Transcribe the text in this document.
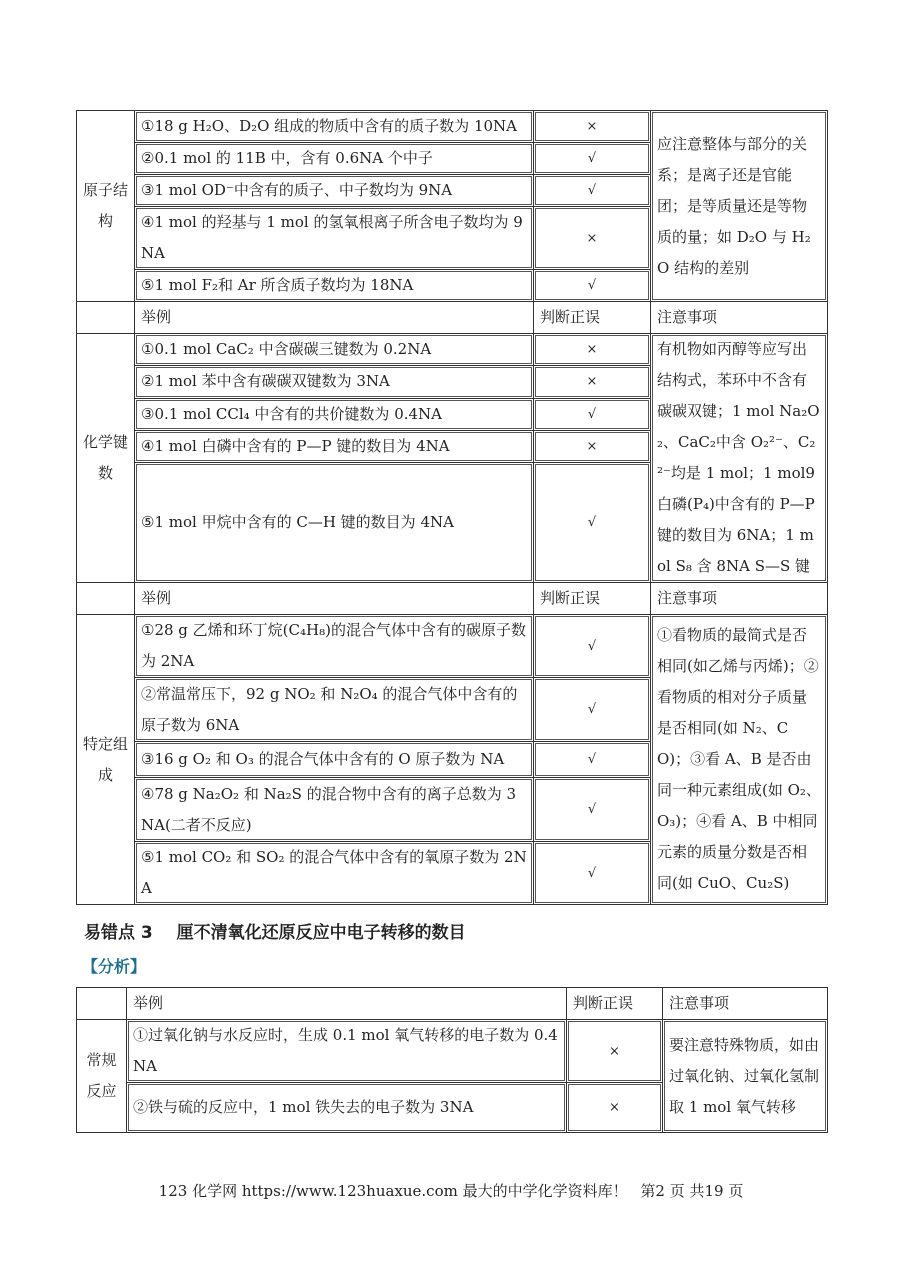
原子结构	①18 g H₂O、D₂O 组成的物质中含有的质子数为 10NA	×	应注意整体与部分的关系；是离子还是官能团；是等质量还是等物质的量；如 D₂O 与 H₂O 结构的差别
	②0.1 mol 的 11B 中，含有 0.6NA 个中子	√	
	③1 mol OD⁻中含有的质子、中子数均为 9NA	√	
	④1 mol 的羟基与 1 mol 的氢氧根离子所含电子数均为 9NA	×	
	⑤1 mol F₂和 Ar 所含质子数均为 18NA	√	
	举例	判断正误	注意事项
化学键数	①0.1 mol CaC₂ 中含碳碳三键数为 0.2NA	×	有机物如丙醇等应写出结构式，苯环中不含有碳碳双键；1 mol Na₂O₂、CaC₂中含 O₂²⁻、C₂²⁻均是 1 mol；1 mol9 白磷(P₄)中含有的 P—P 键的数目为 6NA；1 mol S₈ 含 8NA S—S 键
	②1 mol 苯中含有碳碳双键数为 3NA	×	
	③0.1 mol CCl₄ 中含有的共价键数为 0.4NA	√	
	④1 mol 白磷中含有的 P—P 键的数目为 4NA	×	
	⑤1 mol 甲烷中含有的 C—H 键的数目为 4NA	√	
	举例	判断正误	注意事项
特定组成	①28 g 乙烯和环丁烷(C₄H₈)的混合气体中含有的碳原子数为 2NA	√	①看物质的最简式是否相同(如乙烯与丙烯)；②看物质的相对分子质量是否相同(如 N₂、CO)；③看 A、B 是否由同一种元素组成(如 O₂、O₃)；④看 A、B 中相同元素的质量分数是否相同(如 CuO、Cu₂S)
	②常温常压下，92 g NO₂ 和 N₂O₄ 的混合气体中含有的原子数为 6NA	√	
	③16 g O₂ 和 O₃ 的混合气体中含有的 O 原子数为 NA	√	
	④78 g Na₂O₂ 和 Na₂S 的混合物中含有的离子总数为 3NA(二者不反应)	√	
	⑤1 mol CO₂ 和 SO₂ 的混合气体中含有的氧原子数为 2NA	√	
易错点 3 厘不清氧化还原反应中电子转移的数目
【分析】
	举例	判断正误	注意事项
常规反应	①过氧化钠与水反应时，生成 0.1 mol 氧气转移的电子数为 0.4NA	×	要注意特殊物质，如由过氧化钠、过氧化氢制取 1 mol 氧气转移
	②铁与硫的反应中，1 mol 铁失去的电子数为 3NA	×	
123 化学网 https://www.123huaxue.com 最大的中学化学资料库！ 第2 页 共19 页
